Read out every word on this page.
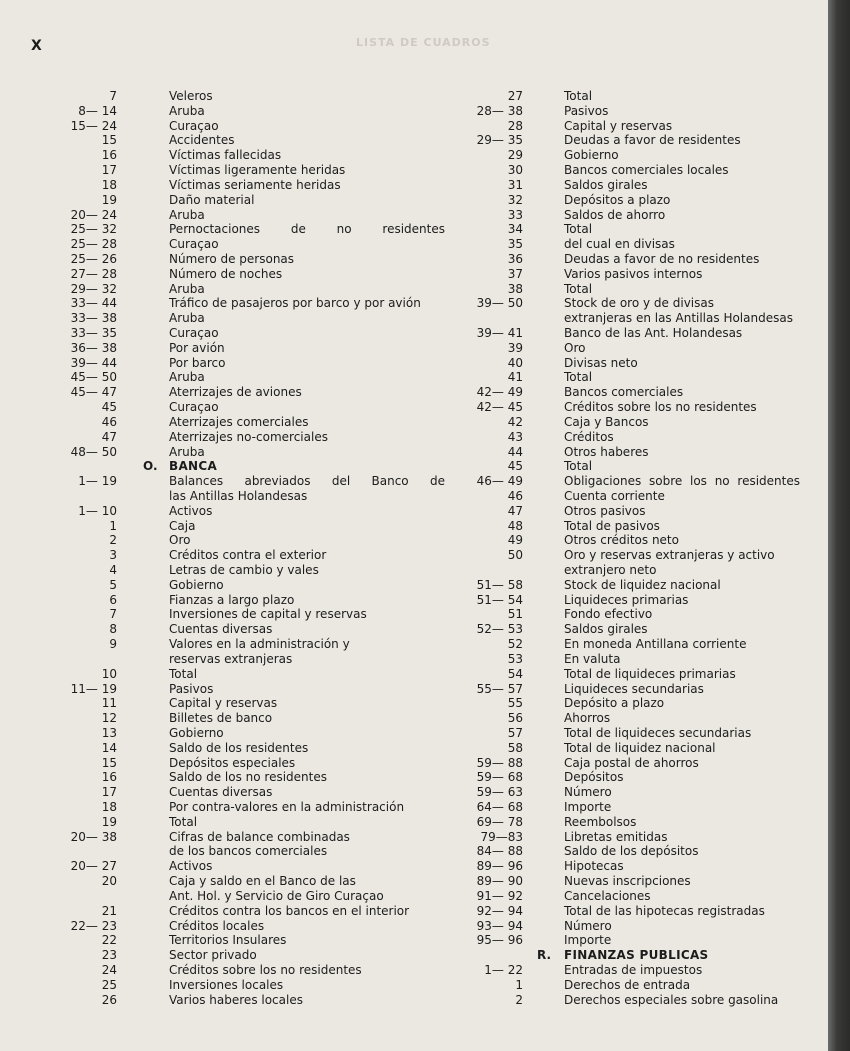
LISTA DE CUADROS
X
7	Veleros
8— 14	Aruba
15— 24	Curaçao
15	Accidentes
16	Víctimas fallecidas
17	Víctimas ligeramente heridas
18	Víctimas seriamente heridas
19	Daño material
20— 24	Aruba
25— 32	Pernoctaciones de no residentes
25— 28	Curaçao
25— 26	Número de personas
27— 28	Número de noches
29— 32	Aruba
33— 44	Tráfico de pasajeros por barco y por avión
33— 38	Aruba
33— 35	Curaçao
36— 38	Por avión
39— 44	Por barco
45— 50	Aruba
45— 47	Aterrizajes de aviones
45	Curaçao
46	Aterrizajes comerciales
47	Aterrizajes no-comerciales
48— 50	Aruba
O. BANCA
1— 19	Balances abreviados del Banco de
las Antillas Holandesas
1— 10	Activos
1	Caja
2	Oro
3	Créditos contra el exterior
4	Letras de cambio y vales
5	Gobierno
6	Fianzas a largo plazo
7	Inversiones de capital y reservas
8	Cuentas diversas
9	Valores en la administración y
reservas extranjeras
10	Total
11— 19	Pasivos
11	Capital y reservas
12	Billetes de banco
13	Gobierno
14	Saldo de los residentes
15	Depósitos especiales
16	Saldo de los no residentes
17	Cuentas diversas
18	Por contra-valores en la administración
19	Total
20— 38	Cifras de balance combinadas
de los bancos comerciales
20— 27	Activos
20	Caja y saldo en el Banco de las
Ant. Hol. y Servicio de Giro Curaçao
21	Créditos contra los bancos en el interior
22— 23	Créditos locales
22	Territorios Insulares
23	Sector privado
24	Créditos sobre los no residentes
25	Inversiones locales
26	Varios haberes locales
27	Total
28— 38	Pasivos
28	Capital y reservas
29— 35	Deudas a favor de residentes
29	Gobierno
30	Bancos comerciales locales
31	Saldos girales
32	Depósitos a plazo
33	Saldos de ahorro
34	Total
35	del cual en divisas
36	Deudas a favor de no residentes
37	Varios pasivos internos
38	Total
39— 50	Stock de oro y de divisas
extranjeras en las Antillas Holandesas
39— 41	Banco de las Ant. Holandesas
39	Oro
40	Divisas neto
41	Total
42— 49	Bancos comerciales
42— 45	Créditos sobre los no residentes
42	Caja y Bancos
43	Créditos
44	Otros haberes
45	Total
46— 49	Obligaciones sobre los no residentes
46	Cuenta corriente
47	Otros pasivos
48	Total de pasivos
49	Otros créditos neto
50	Oro y reservas extranjeras y activo
extranjero neto
51— 58	Stock de liquidez nacional
51— 54	Liquideces primarias
51	Fondo efectivo
52— 53	Saldos girales
52	En moneda Antillana corriente
53	En valuta
54	Total de liquideces primarias
55— 57	Liquideces secundarias
55	Depósito a plazo
56	Ahorros
57	Total de liquideces secundarias
58	Total de liquidez nacional
59— 88	Caja postal de ahorros
59— 68	Depósitos
59— 63	Número
64— 68	Importe
69— 78	Reembolsos
79—83	Libretas emitidas
84— 88	Saldo de los depósitos
89— 96	Hipotecas
89— 90	Nuevas inscripciones
91— 92	Cancelaciones
92— 94	Total de las hipotecas registradas
93— 94	Número
95— 96	Importe
R. FINANZAS PUBLICAS
1— 22	Entradas de impuestos
1	Derechos de entrada
2	Derechos especiales sobre gasolina
